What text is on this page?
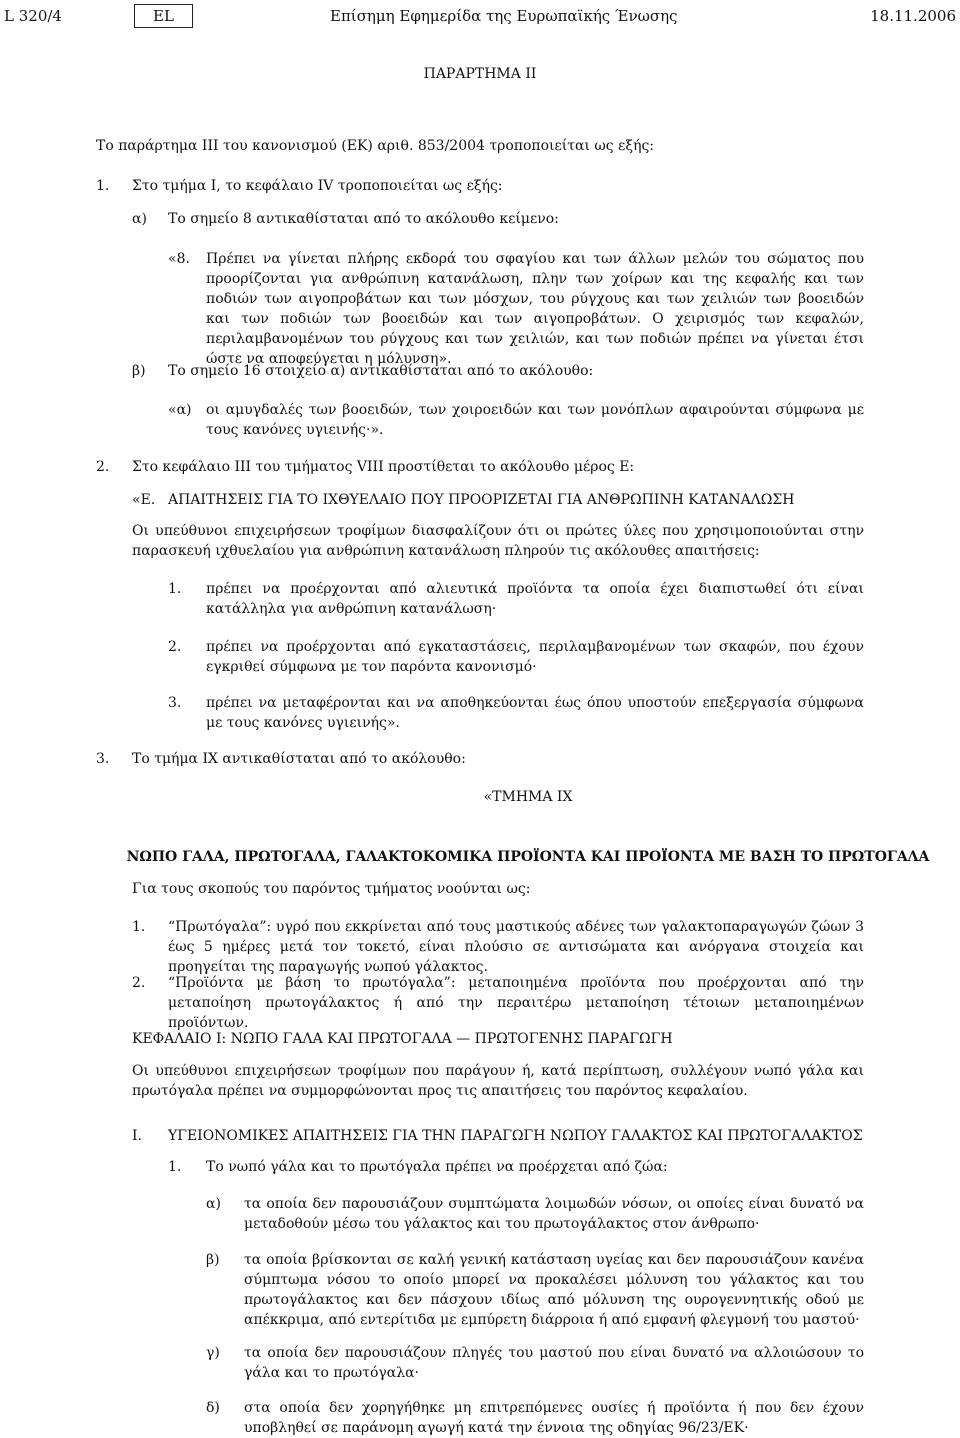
L 320/4	EL	Επίσημη Εφημερίδα της Ευρωπαϊκής Ένωσης	18.11.2006
ΠΑΡΑΡΤΗΜΑ ΙΙ
Το παράρτημα ΙΙΙ του κανονισμού (ΕΚ) αριθ. 853/2004 τροποποιείται ως εξής:
1. Στο τμήμα Ι, το κεφάλαιο IV τροποποιείται ως εξής:
α) Το σημείο 8 αντικαθίσταται από το ακόλουθο κείμενο:
«8. Πρέπει να γίνεται πλήρης εκδορά του σφαγίου και των άλλων μελών του σώματος που προορίζονται για ανθρώπινη κατανάλωση, πλην των χοίρων και της κεφαλής και των ποδιών των αιγοπροβάτων και των μόσχων, του ρύγχους και των χειλιών των βοοειδών και των ποδιών των βοοειδών και των αιγοπροβάτων. Ο χειρισμός των κεφαλών, περιλαμβανομένων του ρύγχους και των χειλιών, και των ποδιών πρέπει να γίνεται έτσι ώστε να αποφεύγεται η μόλυνση».
β) Το σημείο 16 στοιχείο α) αντικαθίσταται από το ακόλουθο:
«α) οι αμυγδαλές των βοοειδών, των χοιροειδών και των μονόπλων αφαιρούνται σύμφωνα με τους κανόνες υγιεινής·».
2. Στο κεφάλαιο ΙΙΙ του τμήματος VIII προστίθεται το ακόλουθο μέρος Ε:
«Ε. ΑΠΑΙΤΗΣΕΙΣ ΓΙΑ ΤΟ ΙΧΘΥΕΛΑΙΟ ΠΟΥ ΠΡΟΟΡΙΖΕΤΑΙ ΓΙΑ ΑΝΘΡΩΠΙΝΗ ΚΑΤΑΝΑΛΩΣΗ
Οι υπεύθυνοι επιχειρήσεων τροφίμων διασφαλίζουν ότι οι πρώτες ύλες που χρησιμοποιούνται στην παρασκευή ιχθυελαίου για ανθρώπινη κατανάλωση πληρούν τις ακόλουθες απαιτήσεις:
1. πρέπει να προέρχονται από αλιευτικά προϊόντα τα οποία έχει διαπιστωθεί ότι είναι κατάλληλα για ανθρώπινη κατανάλωση·
2. πρέπει να προέρχονται από εγκαταστάσεις, περιλαμβανομένων των σκαφών, που έχουν εγκριθεί σύμφωνα με τον παρόντα κανονισμό·
3. πρέπει να μεταφέρονται και να αποθηκεύονται έως όπου υποστούν επεξεργασία σύμφωνα με τους κανόνες υγιεινής».
3. Το τμήμα ΙΧ αντικαθίσταται από το ακόλουθο:
«ΤΜΗΜΑ ΙΧ
ΝΩΠΟ ΓΑΛΑ, ΠΡΩΤΟΓΑΛΑ, ΓΑΛΑΚΤΟΚΟΜΙΚΑ ΠΡΟΪΟΝΤΑ ΚΑΙ ΠΡΟΪΟΝΤΑ ΜΕ ΒΑΣΗ ΤΟ ΠΡΩΤΟΓΑΛΑ
Για τους σκοπούς του παρόντος τμήματος νοούνται ως:
1. “Πρωτόγαλα”: υγρό που εκκρίνεται από τους μαστικούς αδένες των γαλακτοπαραγωγών ζώων 3 έως 5 ημέρες μετά τον τοκετό, είναι πλούσιο σε αντισώματα και ανόργανα στοιχεία και προηγείται της παραγωγής νωπού γάλακτος.
2. “Προϊόντα με βάση το πρωτόγαλα”: μεταποιημένα προϊόντα που προέρχονται από την μεταποίηση πρωτογάλακτος ή από την περαιτέρω μεταποίηση τέτοιων μεταποιημένων προϊόντων.
ΚΕΦΑΛΑΙΟ Ι: ΝΩΠΟ ΓΑΛΑ ΚΑΙ ΠΡΩΤΟΓΑΛΑ — ΠΡΩΤΟΓΕΝΗΣ ΠΑΡΑΓΩΓΗ
Οι υπεύθυνοι επιχειρήσεων τροφίμων που παράγουν ή, κατά περίπτωση, συλλέγουν νωπό γάλα και πρωτόγαλα πρέπει να συμμορφώνονται προς τις απαιτήσεις του παρόντος κεφαλαίου.
Ι. ΥΓΕΙΟΝΟΜΙΚΕΣ ΑΠΑΙΤΗΣΕΙΣ ΓΙΑ ΤΗΝ ΠΑΡΑΓΩΓΗ ΝΩΠΟΥ ΓΑΛΑΚΤΟΣ ΚΑΙ ΠΡΩΤΟΓΑΛΑΚΤΟΣ
1. Το νωπό γάλα και το πρωτόγαλα πρέπει να προέρχεται από ζώα:
α) τα οποία δεν παρουσιάζουν συμπτώματα λοιμωδών νόσων, οι οποίες είναι δυνατό να μεταδοθούν μέσω του γάλακτος και του πρωτογάλακτος στον άνθρωπο·
β) τα οποία βρίσκονται σε καλή γενική κατάσταση υγείας και δεν παρουσιάζουν κανένα σύμπτωμα νόσου το οποίο μπορεί να προκαλέσει μόλυνση του γάλακτος και του πρωτογάλακτος και δεν πάσχουν ιδίως από μόλυνση της ουρογεννητικής οδού με απέκκριμα, από εντερίτιδα με εμπύρετη διάρροια ή από εμφανή φλεγμονή του μαστού·
γ) τα οποία δεν παρουσιάζουν πληγές του μαστού που είναι δυνατό να αλλοιώσουν το γάλα και το πρωτόγαλα·
δ) στα οποία δεν χορηγήθηκε μη επιτρεπόμενες ουσίες ή προϊόντα ή που δεν έχουν υποβληθεί σε παράνομη αγωγή κατά την έννοια της οδηγίας 96/23/ΕΚ·
